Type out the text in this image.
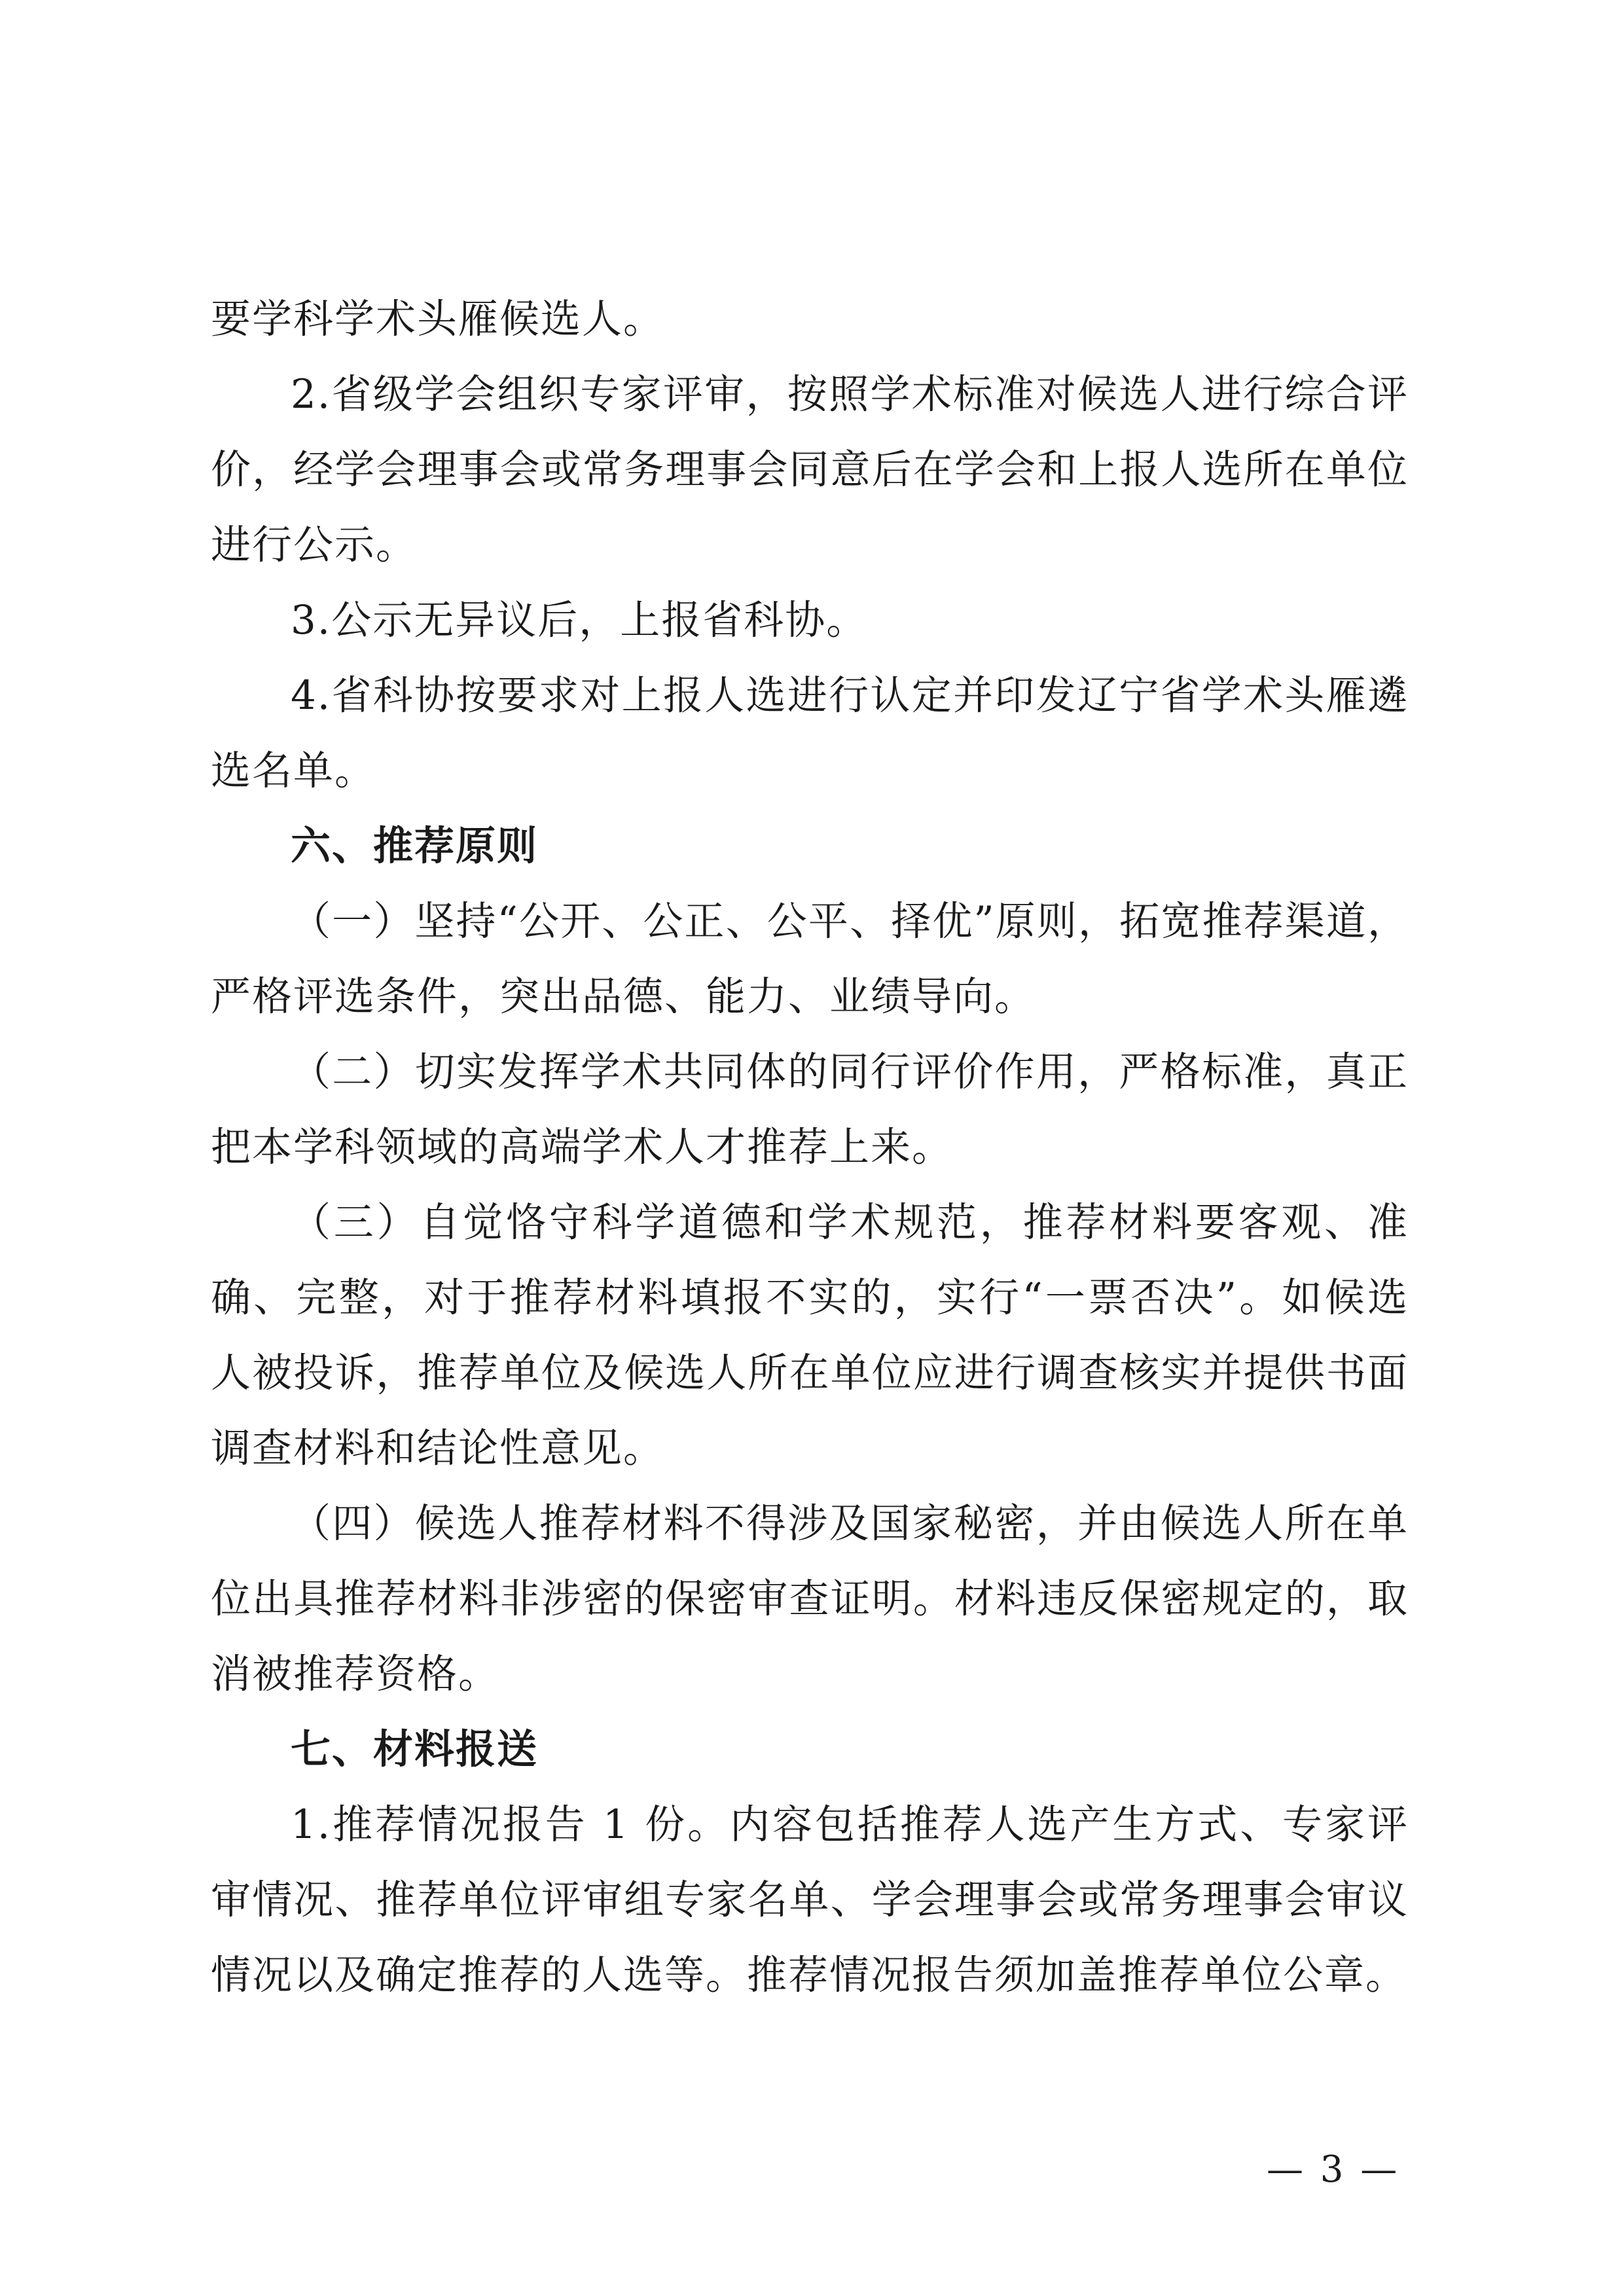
要学科学术头雁候选人。

2.省级学会组织专家评审，按照学术标准对候选人进行综合评价，经学会理事会或常务理事会同意后在学会和上报人选所在单位进行公示。

3.公示无异议后，上报省科协。

4.省科协按要求对上报人选进行认定并印发辽宁省学术头雁遴选名单。

六、推荐原则

（一）坚持“公开、公正、公平、择优”原则，拓宽推荐渠道，严格评选条件，突出品德、能力、业绩导向。

（二）切实发挥学术共同体的同行评价作用，严格标准，真正把本学科领域的高端学术人才推荐上来。

（三）自觉恪守科学道德和学术规范，推荐材料要客观、准确、完整，对于推荐材料填报不实的，实行“一票否决”。如候选人被投诉，推荐单位及候选人所在单位应进行调查核实并提供书面调查材料和结论性意见。

（四）候选人推荐材料不得涉及国家秘密，并由候选人所在单位出具推荐材料非涉密的保密审查证明。材料违反保密规定的，取消被推荐资格。

七、材料报送

1.推荐情况报告 1 份。内容包括推荐人选产生方式、专家评审情况、推荐单位评审组专家名单、学会理事会或常务理事会审议情况以及确定推荐的人选等。推荐情况报告须加盖推荐单位公章。

— 3 —
